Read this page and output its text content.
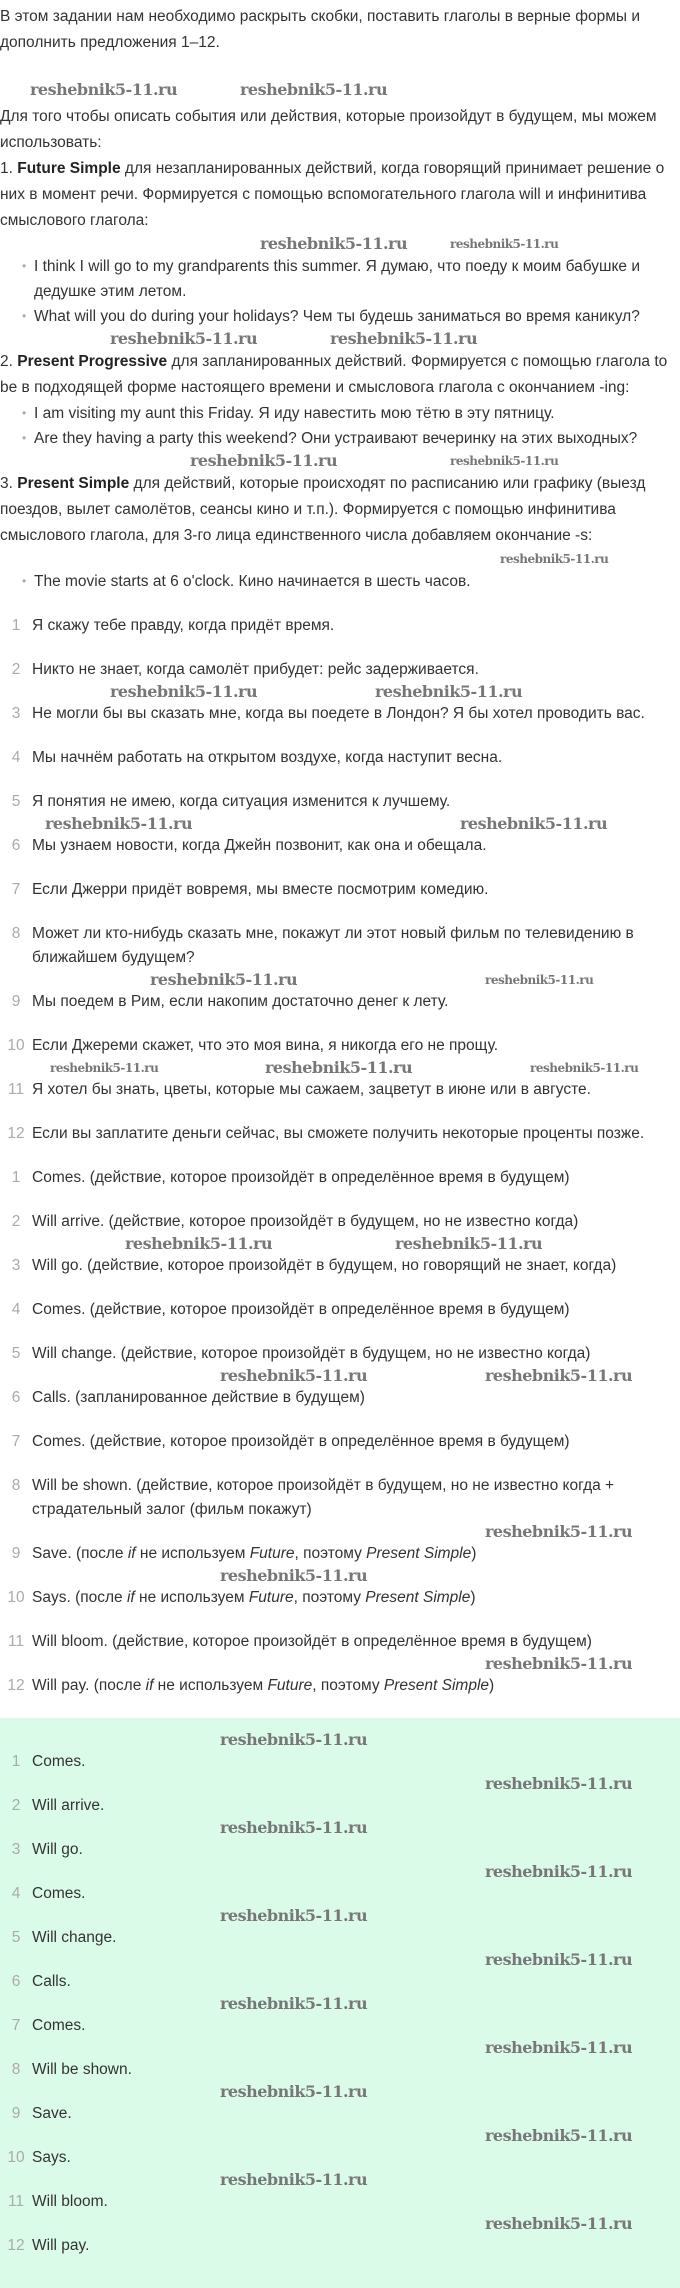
В этом задании нам необходимо раскрыть скобки, поставить глаголы в верные формы и дополнить предложения 1–12.

reshebnik5-11.ru	reshebnik5-11.ru

Для того чтобы описать события или действия, которые произойдут в будущем, мы можем использовать:

1. Future Simple для незапланированных действий, когда говорящий принимает решение о них в момент речи. Формируется с помощью вспомогательного глагола will и инфинитива смыслового глагола:

reshebnik5-11.ru	reshebnik5-11.ru
• I think I will go to my grandparents this summer. Я думаю, что поеду к моим бабушке и дедушке этим летом.
• What will you do during your holidays? Чем ты будешь заниматься во время каникул?
reshebnik5-11.ru	reshebnik5-11.ru

2. Present Progressive для запланированных действий. Формируется с помощью глагола to be в подходящей форме настоящего времени и смысловога глагола с окончанием -ing:

• I am visiting my aunt this Friday. Я иду навестить мою тётю в эту пятницу.
• Are they having a party this weekend? Они устраивают вечеринку на этих выходных?
reshebnik5-11.ru	reshebnik5-11.ru

3. Present Simple для действий, которые происходят по расписанию или графику (выезд поездов, вылет самолётов, сеансы кино и т.п.). Формируется с помощью инфинитива смыслового глагола, для 3-го лица единственного числа добавляем окончание -s:

reshebnik5-11.ru
• The movie starts at 6 o'clock. Кино начинается в шесть часов.
1 Я скажу тебе правду, когда придёт время.
2 Никто не знает, когда самолёт прибудет: рейс задерживается.
reshebnik5-11.ru	reshebnik5-11.ru
3 Не могли бы вы сказать мне, когда вы поедете в Лондон? Я бы хотел проводить вас.
4 Мы начнём работать на открытом воздухе, когда наступит весна.
5 Я понятия не имею, когда ситуация изменится к лучшему.
reshebnik5-11.ru	reshebnik5-11.ru
6 Мы узнаем новости, когда Джейн позвонит, как она и обещала.
7 Если Джерри придёт вовремя, мы вместе посмотрим комедию.
8 Может ли кто-нибудь сказать мне, покажут ли этот новый фильм по телевидению в ближайшем будущем?
reshebnik5-11.ru	reshebnik5-11.ru
9 Мы поедем в Рим, если накопим достаточно денег к лету.
10 Если Джереми скажет, что это моя вина, я никогда его не прощу.
reshebnik5-11.ru	reshebnik5-11.ru	reshebnik5-11.ru
11 Я хотел бы знать, цветы, которые мы сажаем, зацветут в июне или в августе.
12 Если вы заплатите деньги сейчас, вы сможете получить некоторые проценты позже.
1 Comes. (действие, которое произойдёт в определённое время в будущем)
2 Will arrive. (действие, которое произойдёт в будущем, но не известно когда)
reshebnik5-11.ru	reshebnik5-11.ru
3 Will go. (действие, которое произойдёт в будущем, но говорящий не знает, когда)
4 Comes. (действие, которое произойдёт в определённое время в будущем)
5 Will change. (действие, которое произойдёт в будущем, но не известно когда)
reshebnik5-11.ru	reshebnik5-11.ru
6 Calls. (запланированное действие в будущем)
7 Comes. (действие, которое произойдёт в определённое время в будущем)
8 Will be shown. (действие, которое произойдёт в будущем, но не известно когда + страдательный залог (фильм покажут)
reshebnik5-11.ru
9 Save. (после if не используем Future, поэтому Present Simple)
reshebnik5-11.ru
10 Says. (после if не используем Future, поэтому Present Simple)
11 Will bloom. (действие, которое произойдёт в определённое время в будущем)
reshebnik5-11.ru
12 Will pay. (после if не используем Future, поэтому Present Simple)
reshebnik5-11.ru
1 Comes.
reshebnik5-11.ru
2 Will arrive.
reshebnik5-11.ru
3 Will go.
reshebnik5-11.ru
4 Comes.
reshebnik5-11.ru
5 Will change.
reshebnik5-11.ru
6 Calls.
reshebnik5-11.ru
7 Comes.
reshebnik5-11.ru
8 Will be shown.
reshebnik5-11.ru
9 Save.
reshebnik5-11.ru
10 Says.
reshebnik5-11.ru
11 Will bloom.
reshebnik5-11.ru
12 Will pay.
